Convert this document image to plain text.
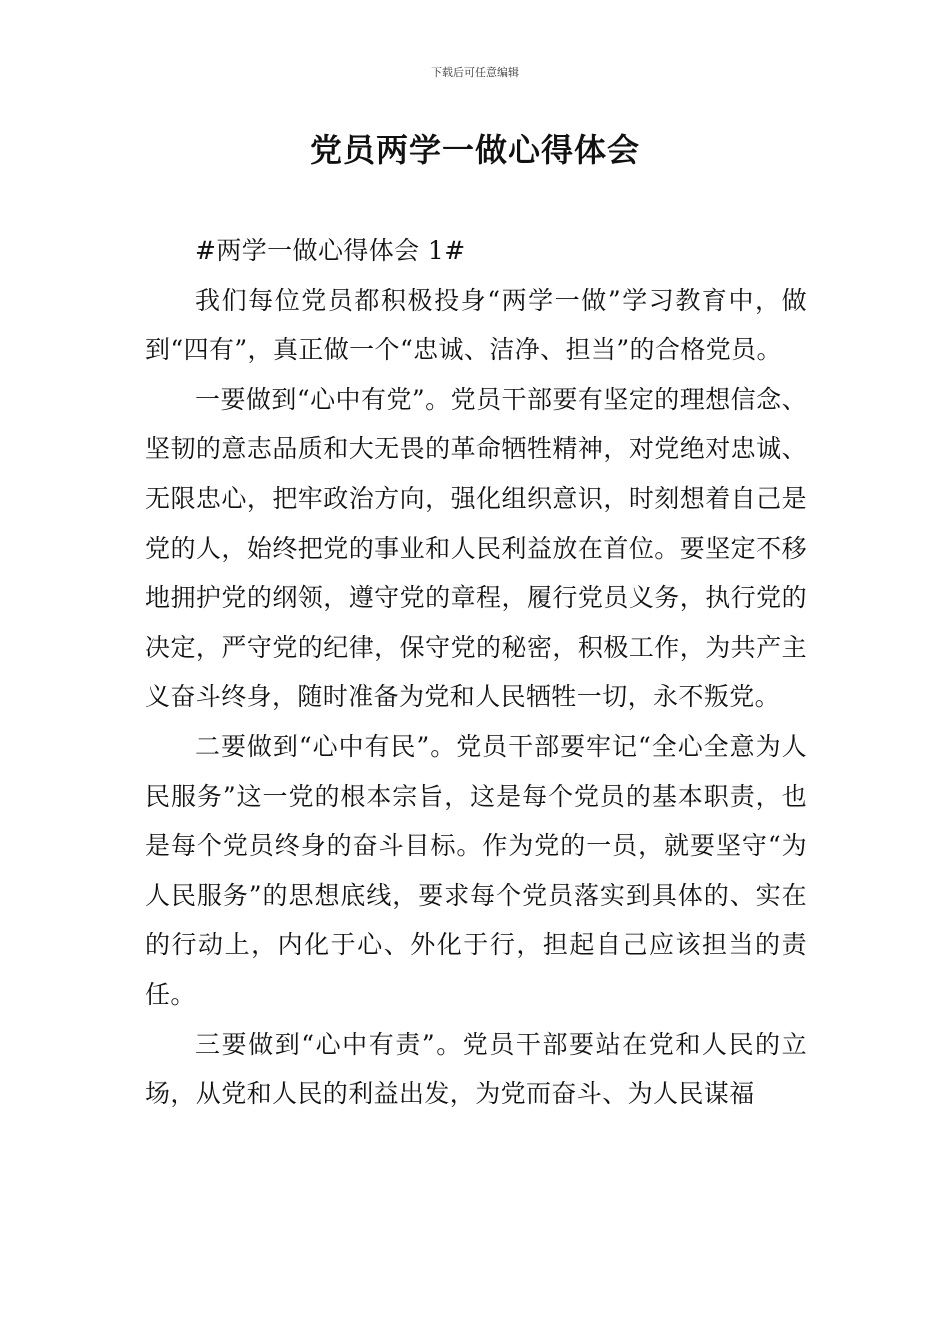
下载后可任意编辑
党员两学一做心得体会

#两学一做心得体会 1#

我们每位党员都积极投身“两学一做”学习教育中，做到“四有”，真正做一个“忠诚、洁净、担当”的合格党员。

一要做到“心中有党”。党员干部要有坚定的理想信念、坚韧的意志品质和大无畏的革命牺牲精神，对党绝对忠诚、无限忠心，把牢政治方向，强化组织意识，时刻想着自己是党的人，始终把党的事业和人民利益放在首位。要坚定不移地拥护党的纲领，遵守党的章程，履行党员义务，执行党的决定，严守党的纪律，保守党的秘密，积极工作，为共产主义奋斗终身，随时准备为党和人民牺牲一切，永不叛党。

二要做到“心中有民”。党员干部要牢记“全心全意为人民服务”这一党的根本宗旨，这是每个党员的基本职责，也是每个党员终身的奋斗目标。作为党的一员，就要坚守“为人民服务”的思想底线，要求每个党员落实到具体的、实在的行动上，内化于心、外化于行，担起自己应该担当的责任。

三要做到“心中有责”。党员干部要站在党和人民的立场，从党和人民的利益出发，为党而奋斗、为人民谋福
